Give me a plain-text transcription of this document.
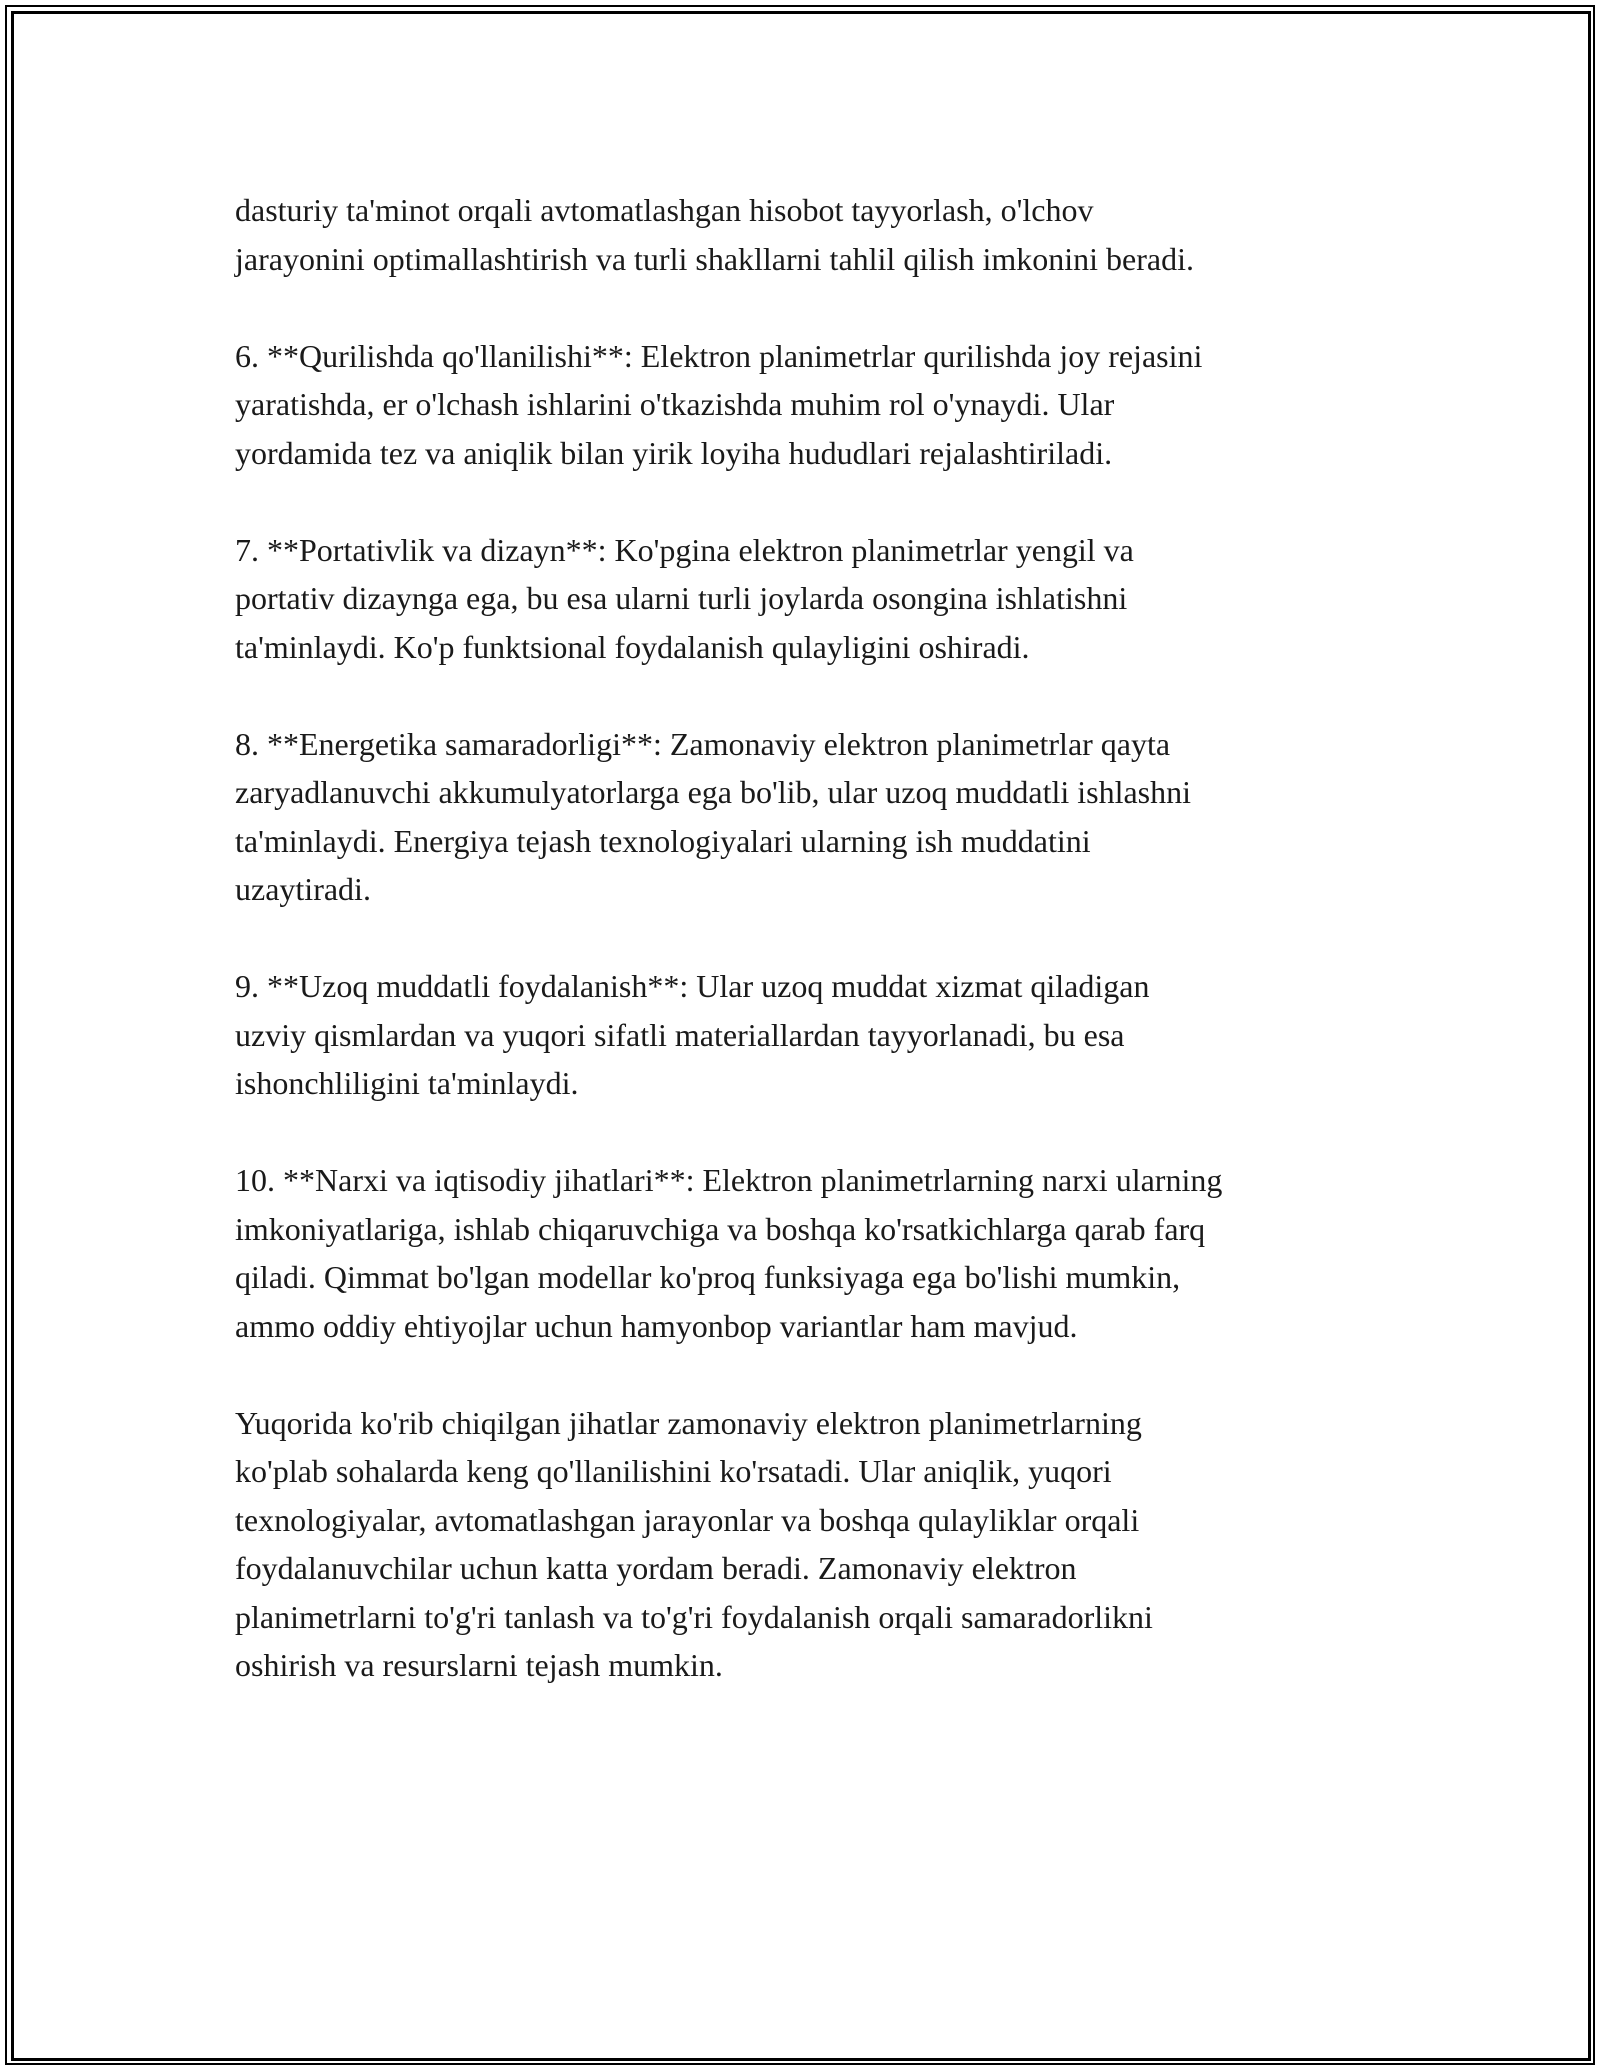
dasturiy ta'minot orqali avtomatlashgan hisobot tayyorlash, o'lchov
jarayonini optimallashtirish va turli shakllarni tahlil qilish imkonini beradi.

6. **Qurilishda qo'llanilishi**: Elektron planimetrlar qurilishda joy rejasini
yaratishda, er o'lchash ishlarini o'tkazishda muhim rol o'ynaydi. Ular
yordamida tez va aniqlik bilan yirik loyiha hududlari rejalashtiriladi.

7. **Portativlik va dizayn**: Ko'pgina elektron planimetrlar yengil va
portativ dizaynga ega, bu esa ularni turli joylarda osongina ishlatishni
ta'minlaydi. Ko'p funktsional foydalanish qulayligini oshiradi.

8. **Energetika samaradorligi**: Zamonaviy elektron planimetrlar qayta
zaryadlanuvchi akkumulyatorlarga ega bo'lib, ular uzoq muddatli ishlashni
ta'minlaydi. Energiya tejash texnologiyalari ularning ish muddatini
uzaytiradi.

9. **Uzoq muddatli foydalanish**: Ular uzoq muddat xizmat qiladigan
uzviy qismlardan va yuqori sifatli materiallardan tayyorlanadi, bu esa
ishonchliligini ta'minlaydi.

10. **Narxi va iqtisodiy jihatlari**: Elektron planimetrlarning narxi ularning
imkoniyatlariga, ishlab chiqaruvchiga va boshqa ko'rsatkichlarga qarab farq
qiladi. Qimmat bo'lgan modellar ko'proq funksiyaga ega bo'lishi mumkin,
ammo oddiy ehtiyojlar uchun hamyonbop variantlar ham mavjud.

Yuqorida ko'rib chiqilgan jihatlar zamonaviy elektron planimetrlarning
ko'plab sohalarda keng qo'llanilishini ko'rsatadi. Ular aniqlik, yuqori
texnologiyalar, avtomatlashgan jarayonlar va boshqa qulayliklar orqali
foydalanuvchilar uchun katta yordam beradi. Zamonaviy elektron
planimetrlarni to'g'ri tanlash va to'g'ri foydalanish orqali samaradorlikni
oshirish va resurslarni tejash mumkin.
